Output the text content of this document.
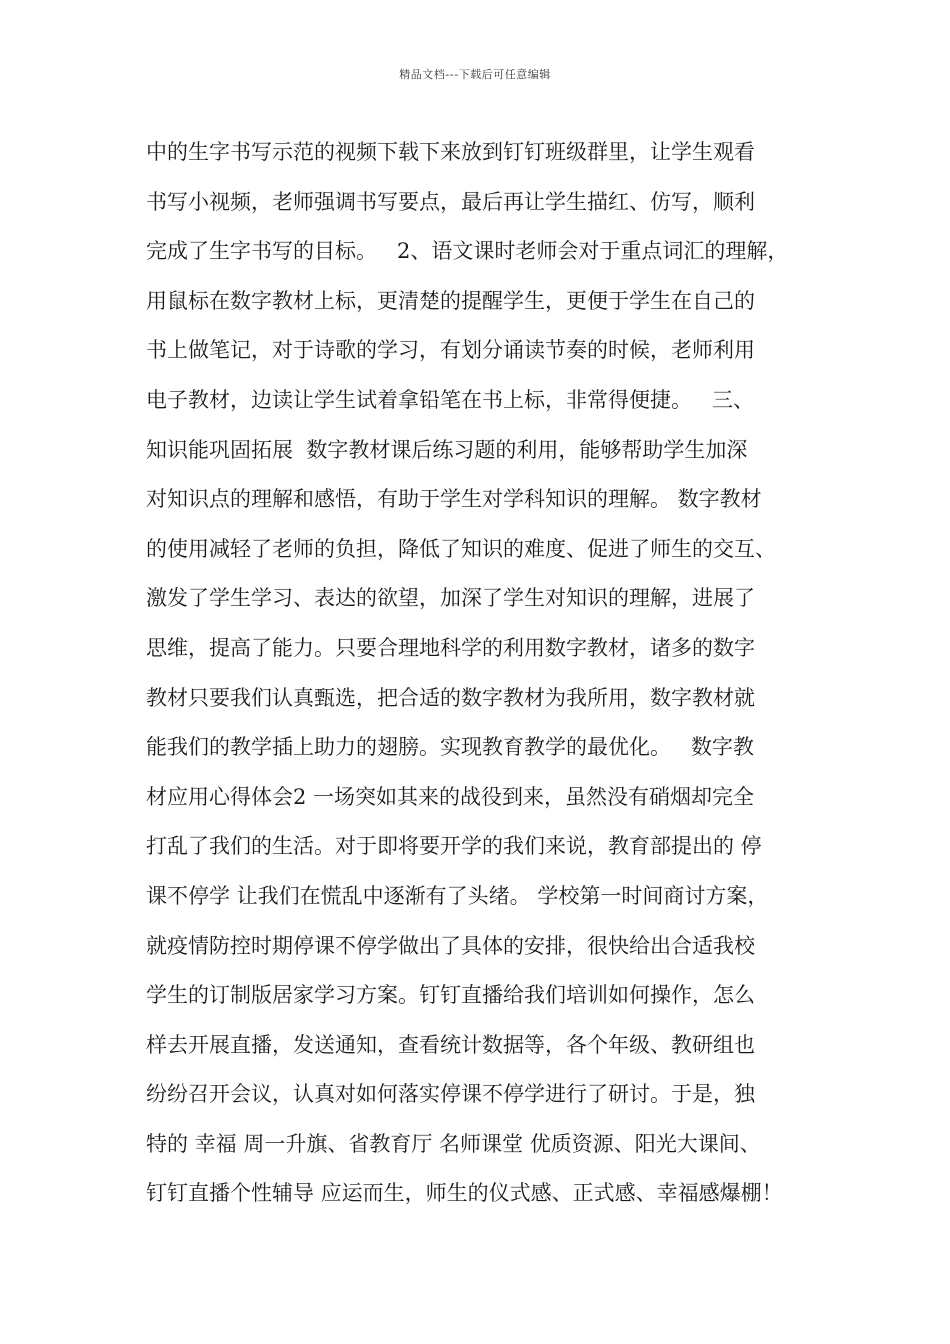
精品文档---下载后可任意编辑
中的生字书写示范的视频下载下来放到钉钉班级群里，让学生观看
书写小视频，老师强调书写要点，最后再让学生描红、仿写，顺利
完成了生字书写的目标。   2、语文课时老师会对于重点词汇的理解，
用鼠标在数字教材上标，更清楚的提醒学生，更便于学生在自己的
书上做笔记，对于诗歌的学习，有划分诵读节奏的时候，老师利用
电子教材，边读让学生试着拿铅笔在书上标，非常得便捷。   三、
知识能巩固拓展  数字教材课后练习题的利用，能够帮助学生加深
对知识点的理解和感悟，有助于学生对学科知识的理解。 数字教材
的使用减轻了老师的负担，降低了知识的难度、促进了师生的交互、
激发了学生学习、表达的欲望，加深了学生对知识的理解，进展了
思维，提高了能力。只要合理地科学的利用数字教材，诸多的数字
教材只要我们认真甄选，把合适的数字教材为我所用，数字教材就
能我们的教学插上助力的翅膀。实现教育教学的最优化。   数字教
材应用心得体会2 一场突如其来的战役到来，虽然没有硝烟却完全
打乱了我们的生活。对于即将要开学的我们来说，教育部提出的 停
课不停学 让我们在慌乱中逐渐有了头绪。 学校第一时间商讨方案，
就疫情防控时期停课不停学做出了具体的安排，很快给出合适我校
学生的订制版居家学习方案。钉钉直播给我们培训如何操作，怎么
样去开展直播，发送通知，查看统计数据等，各个年级、教研组也
纷纷召开会议，认真对如何落实停课不停学进行了研讨。于是，独
特的 幸福 周一升旗、省教育厅 名师课堂 优质资源、阳光大课间、
钉钉直播个性辅导 应运而生，师生的仪式感、正式感、幸福感爆棚！
